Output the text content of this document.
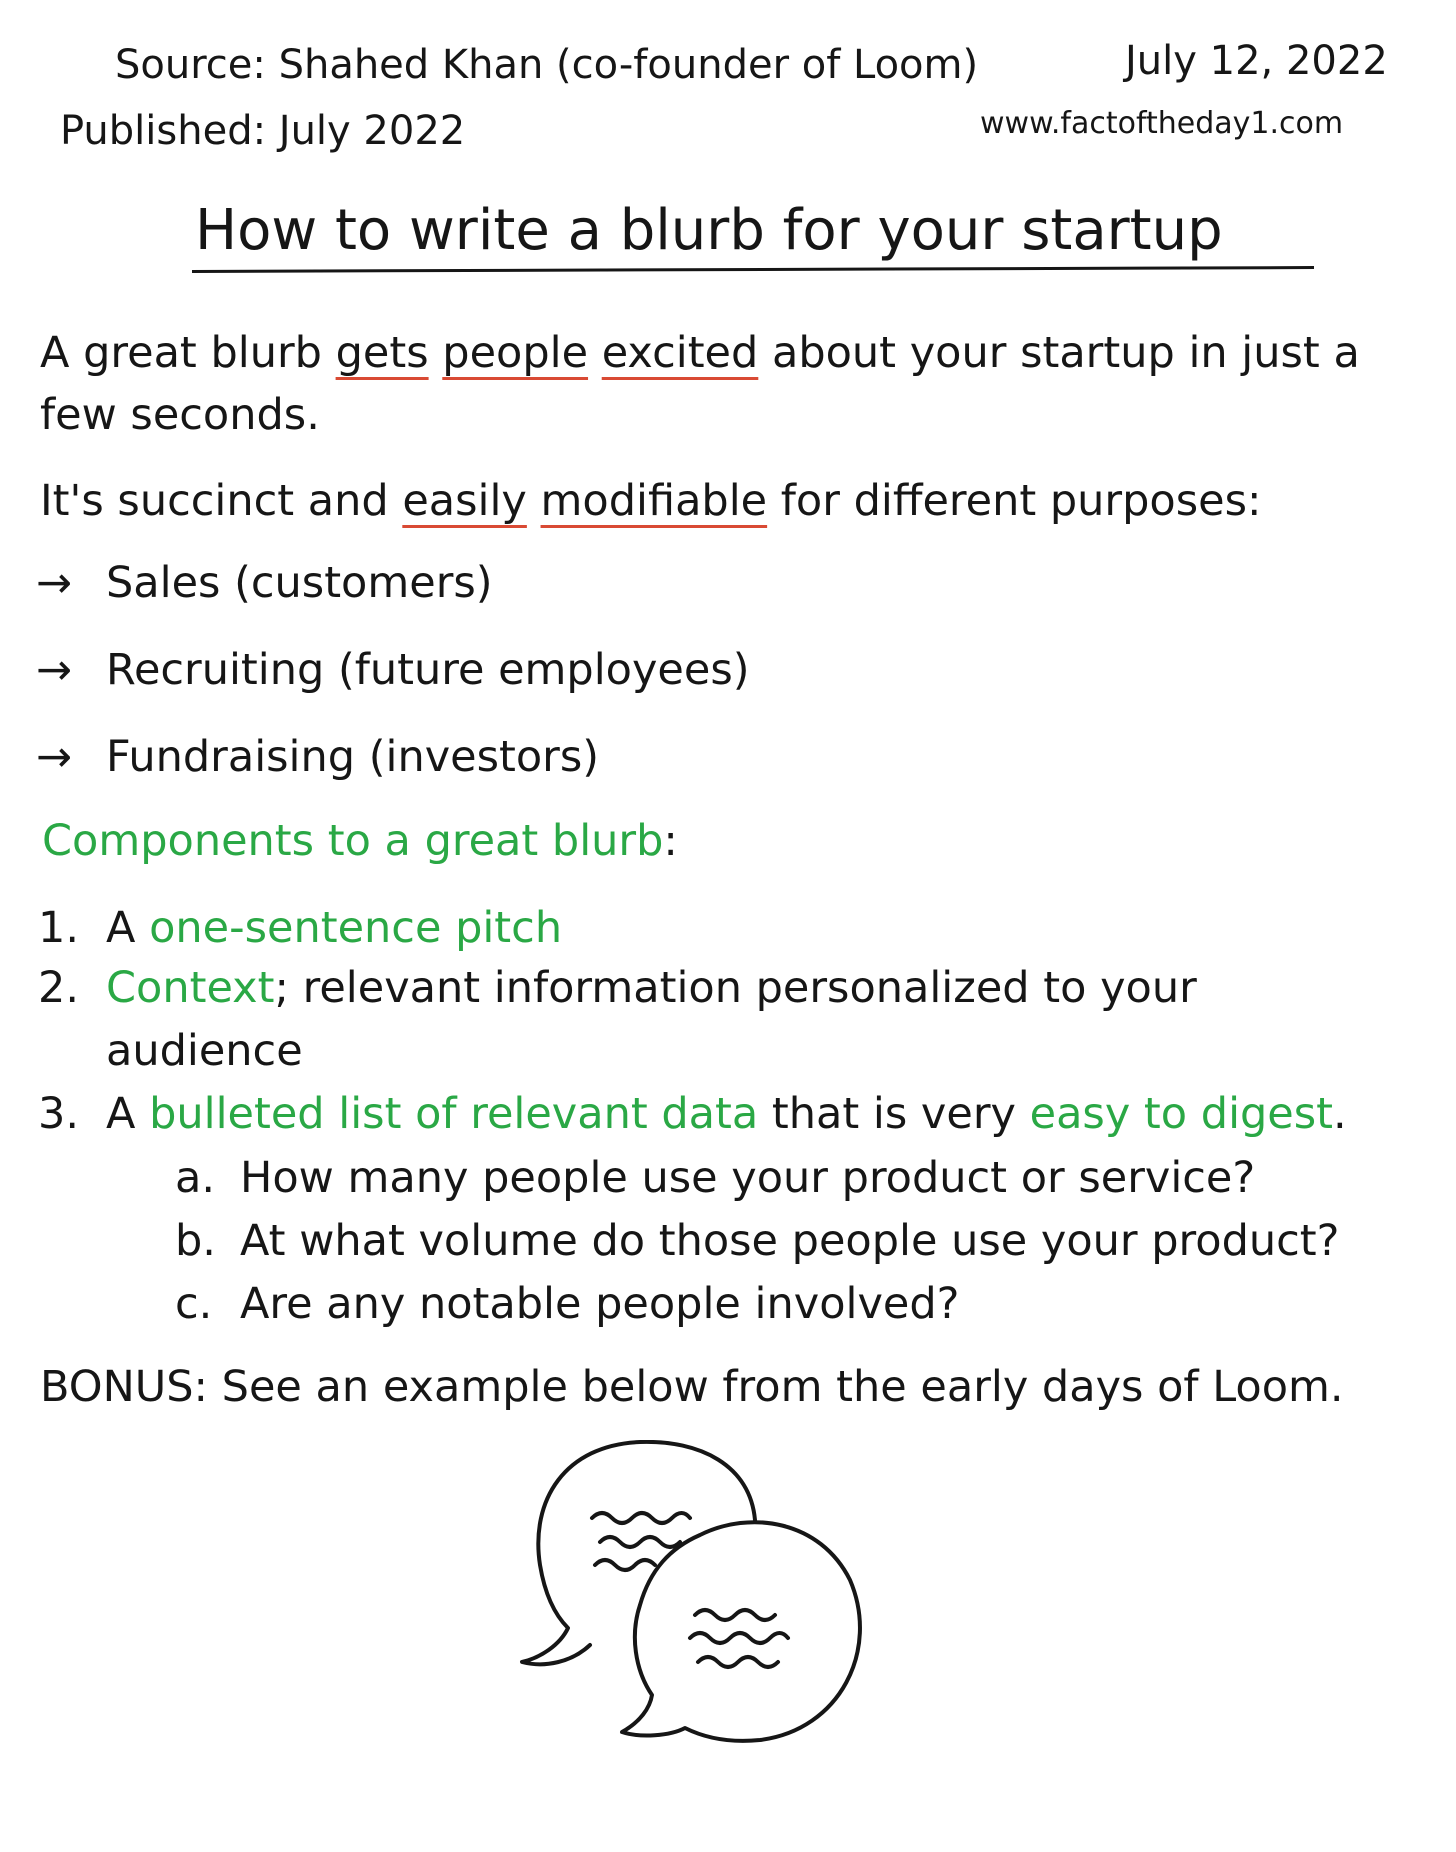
Source: Shahed Khan (co-founder of Loom)
Published: July 2022
July 12, 2022
www.factoftheday1.com
How to write a blurb for your startup
A great blurb gets people excited about your startup in just a few seconds.
It's succinct and easily modifiable for different purposes:
→ Sales (customers)
→ Recruiting (future employees)
→ Fundraising (investors)
Components to a great blurb:
1. A one-sentence pitch
2. Context; relevant information personalized to your
audience
3. A bulleted list of relevant data that is very easy to digest.
a. How many people use your product or service?
b. At what volume do those people use your product?
c. Are any notable people involved?
BONUS: See an example below from the early days of Loom.
